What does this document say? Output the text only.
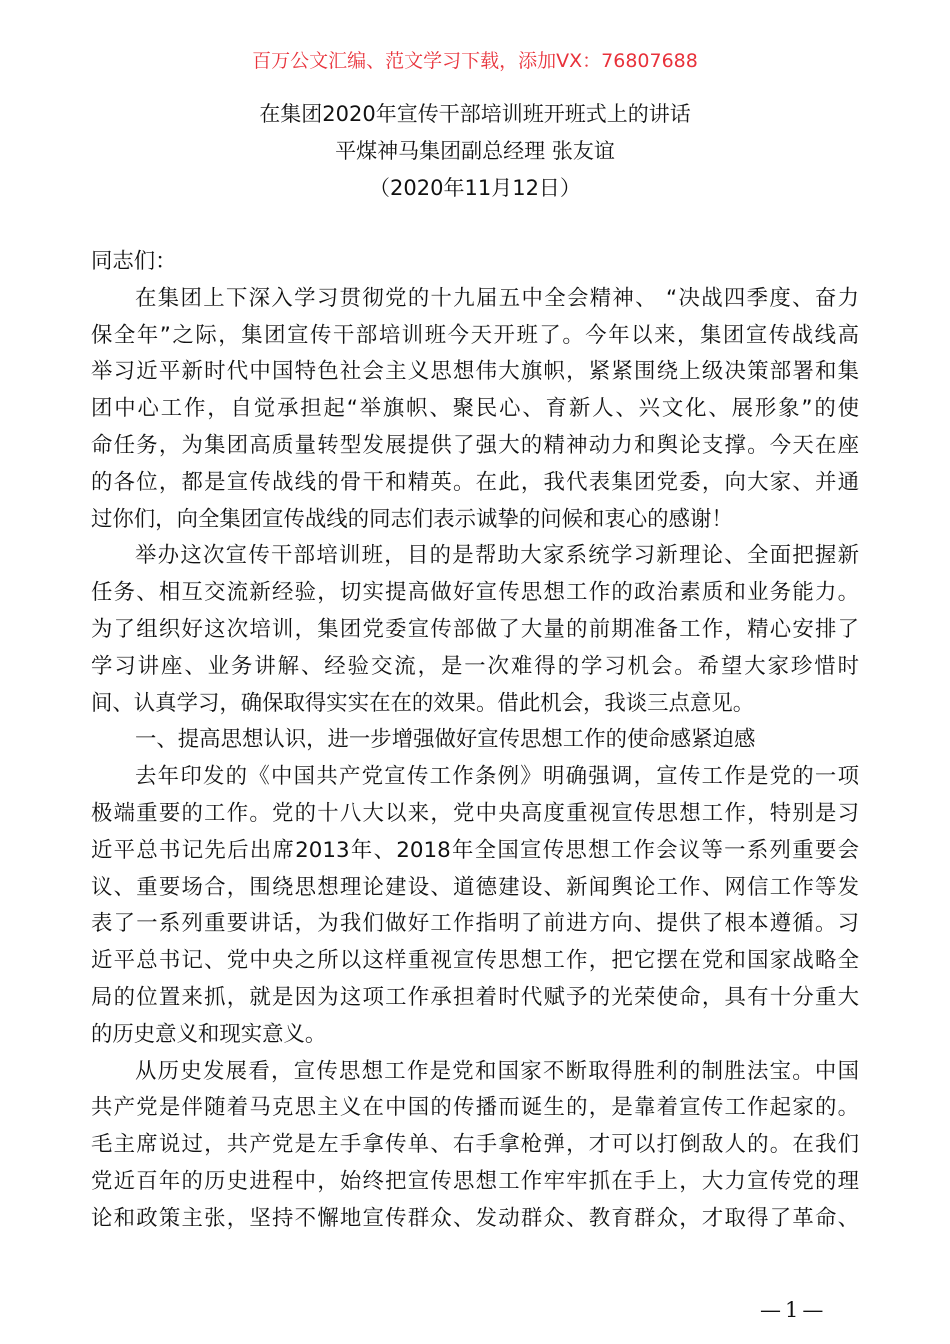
百万公文汇编、范文学习下载，添加VX：76807688
在集团2020年宣传干部培训班开班式上的讲话
平煤神马集团副总经理 张友谊
（2020年11月12日）
同志们：
在集团上下深入学习贯彻党的十九届五中全会精神、 “决战四季度、奋力
保全年”之际，集团宣传干部培训班今天开班了。今年以来，集团宣传战线高
举习近平新时代中国特色社会主义思想伟大旗帜，紧紧围绕上级决策部署和集
团中心工作，自觉承担起“举旗帜、聚民心、育新人、兴文化、展形象”的使
命任务，为集团高质量转型发展提供了强大的精神动力和舆论支撑。今天在座
的各位，都是宣传战线的骨干和精英。在此，我代表集团党委，向大家、并通
过你们，向全集团宣传战线的同志们表示诚挚的问候和衷心的感谢！
举办这次宣传干部培训班，目的是帮助大家系统学习新理论、全面把握新
任务、相互交流新经验，切实提高做好宣传思想工作的政治素质和业务能力。
为了组织好这次培训，集团党委宣传部做了大量的前期准备工作，精心安排了
学习讲座、业务讲解、经验交流，是一次难得的学习机会。希望大家珍惜时
间、认真学习，确保取得实实在在的效果。借此机会，我谈三点意见。
一、提高思想认识，进一步增强做好宣传思想工作的使命感紧迫感
去年印发的《中国共产党宣传工作条例》明确强调，宣传工作是党的一项
极端重要的工作。党的十八大以来，党中央高度重视宣传思想工作，特别是习
近平总书记先后出席2013年、2018年全国宣传思想工作会议等一系列重要会
议、重要场合，围绕思想理论建设、道德建设、新闻舆论工作、网信工作等发
表了一系列重要讲话，为我们做好工作指明了前进方向、提供了根本遵循。习
近平总书记、党中央之所以这样重视宣传思想工作，把它摆在党和国家战略全
局的位置来抓，就是因为这项工作承担着时代赋予的光荣使命，具有十分重大
的历史意义和现实意义。
从历史发展看，宣传思想工作是党和国家不断取得胜利的制胜法宝。中国
共产党是伴随着马克思主义在中国的传播而诞生的，是靠着宣传工作起家的。
毛主席说过，共产党是左手拿传单、右手拿枪弹，才可以打倒敌人的。在我们
党近百年的历史进程中，始终把宣传思想工作牢牢抓在手上，大力宣传党的理
论和政策主张，坚持不懈地宣传群众、发动群众、教育群众，才取得了革命、
—1—
